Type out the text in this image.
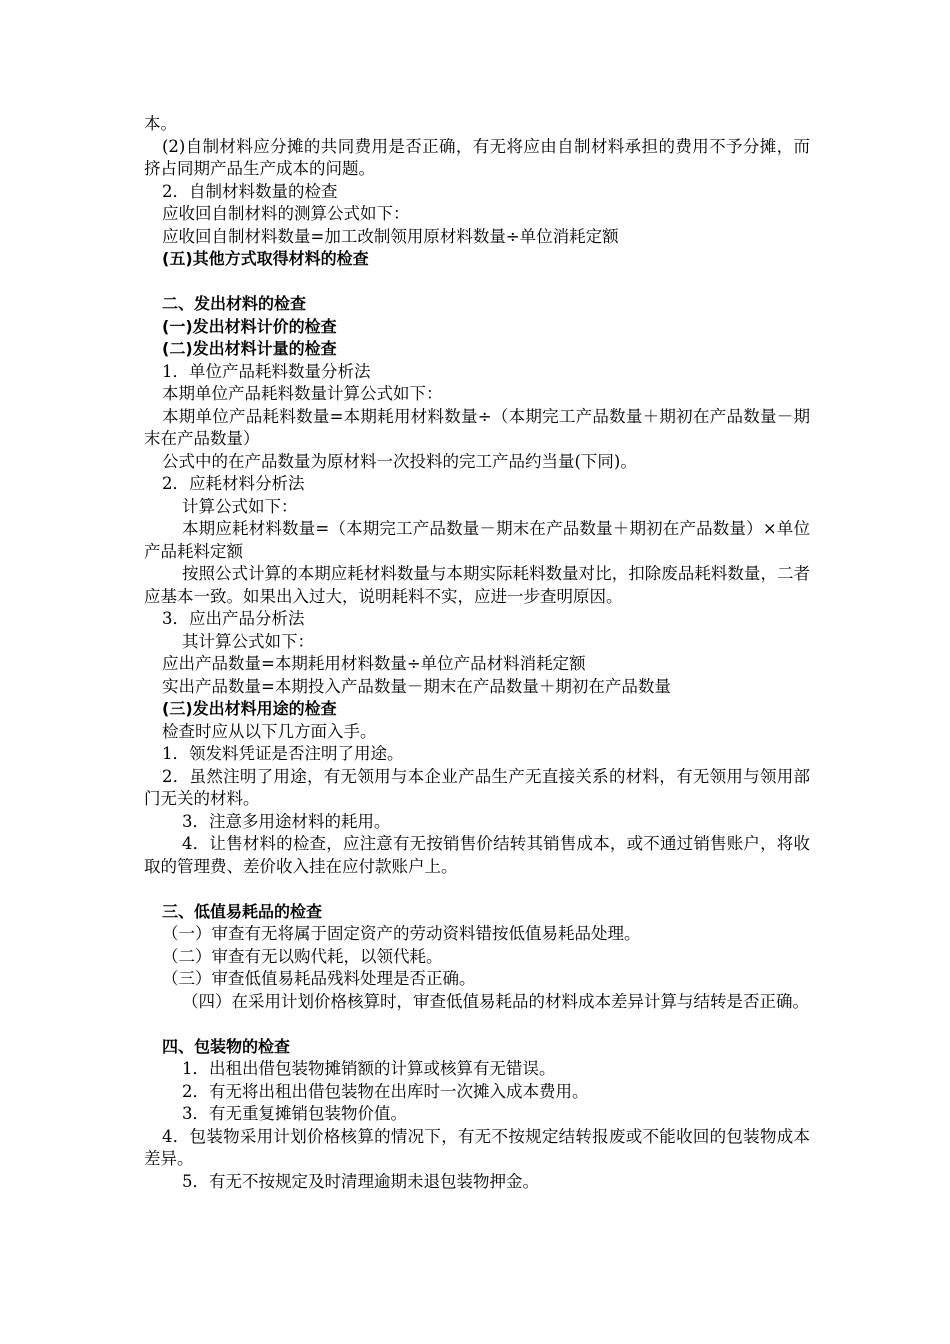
本。
(2)自制材料应分摊的共同费用是否正确，有无将应由自制材料承担的费用不予分摊，而挤占同期产品生产成本的问题。
2．自制材料数量的检查
应收回自制材料的测算公式如下：
应收回自制材料数量=加工改制领用原材料数量÷单位消耗定额
(五)其他方式取得材料的检查
二、发出材料的检查
(一)发出材料计价的检查
(二)发出材料计量的检查
1．单位产品耗料数量分析法
本期单位产品耗料数量计算公式如下：
本期单位产品耗料数量=本期耗用材料数量÷（本期完工产品数量＋期初在产品数量－期末在产品数量）
公式中的在产品数量为原材料一次投料的完工产品约当量(下同)。
2．应耗材料分析法
计算公式如下：
本期应耗材料数量=（本期完工产品数量－期末在产品数量＋期初在产品数量）×单位产品耗料定额
按照公式计算的本期应耗材料数量与本期实际耗料数量对比，扣除废品耗料数量，二者应基本一致。如果出入过大，说明耗料不实，应进一步查明原因。
3．应出产品分析法
其计算公式如下：
应出产品数量=本期耗用材料数量÷单位产品材料消耗定额
实出产品数量=本期投入产品数量－期末在产品数量＋期初在产品数量
(三)发出材料用途的检查
检查时应从以下几方面入手。
1．领发料凭证是否注明了用途。
2．虽然注明了用途，有无领用与本企业产品生产无直接关系的材料，有无领用与领用部门无关的材料。
3．注意多用途材料的耗用。
4．让售材料的检查，应注意有无按销售价结转其销售成本，或不通过销售账户，将收取的管理费、差价收入挂在应付款账户上。
三、低值易耗品的检查
（一）审查有无将属于固定资产的劳动资料错按低值易耗品处理。
（二）审查有无以购代耗，以领代耗。
（三）审查低值易耗品残料处理是否正确。
（四）在采用计划价格核算时，审查低值易耗品的材料成本差异计算与结转是否正确。
四、包装物的检查
1．出租出借包装物摊销额的计算或核算有无错误。
2．有无将出租出借包装物在出库时一次摊入成本费用。
3．有无重复摊销包装物价值。
4．包装物采用计划价格核算的情况下，有无不按规定结转报废或不能收回的包装物成本差异。
5．有无不按规定及时清理逾期未退包装物押金。
